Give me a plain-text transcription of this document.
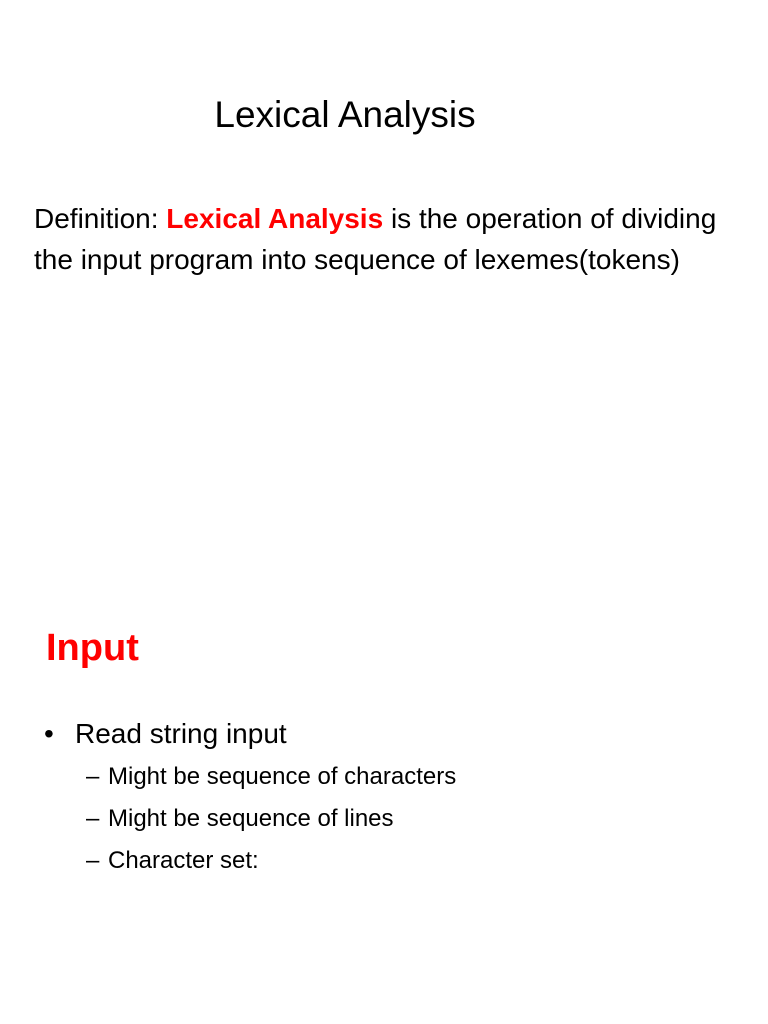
Lexical Analysis

Definition: Lexical Analysis is the operation of dividing the input program into sequence of lexemes(tokens)

Input
• Read string input
– Might be sequence of characters
– Might be sequence of lines
– Character set:
